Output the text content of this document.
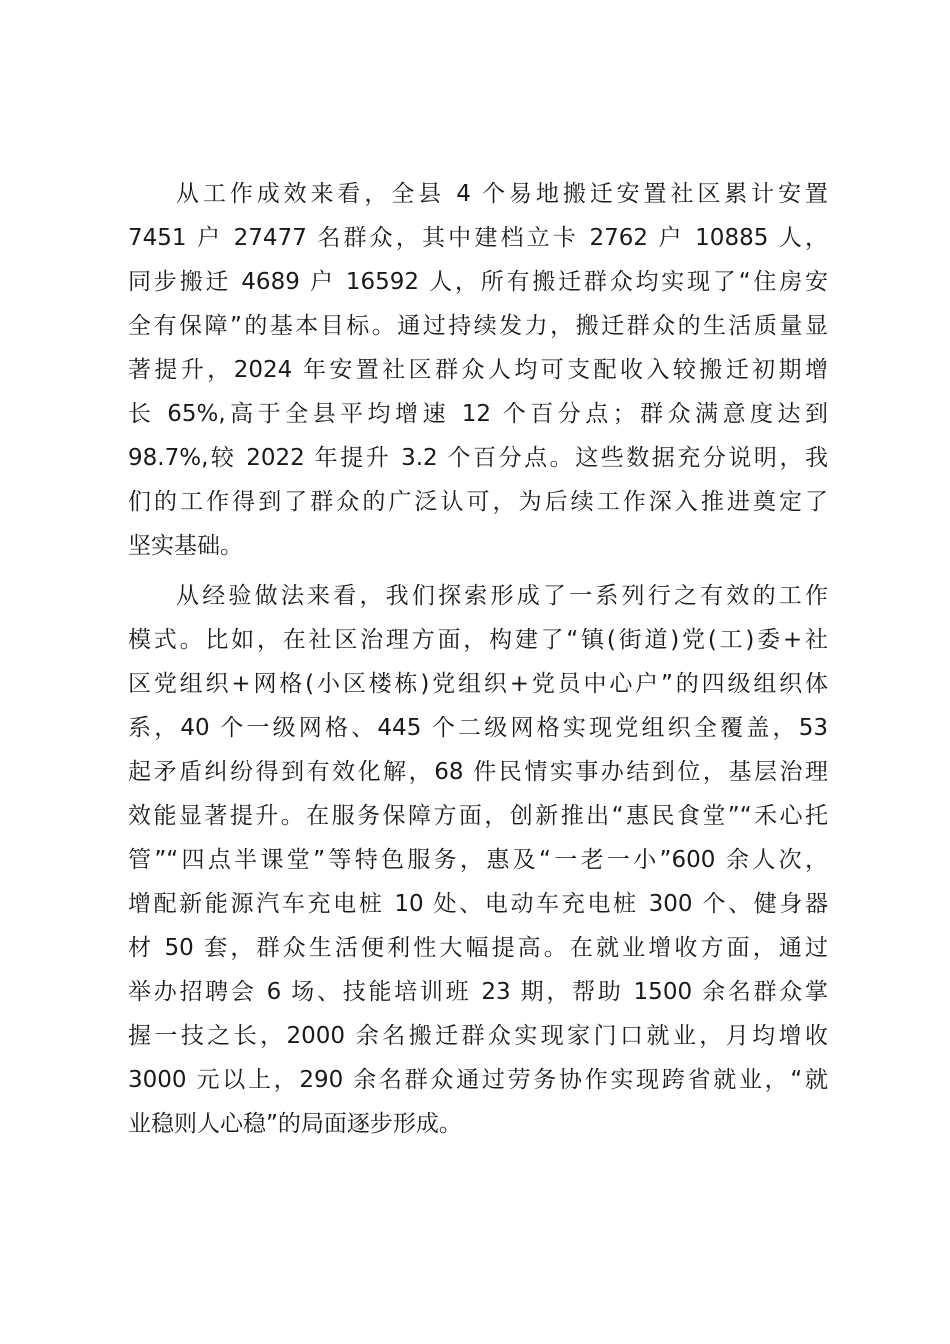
从工作成效来看，全县 4 个易地搬迁安置社区累计安置
7451 户 27477 名群众，其中建档立卡 2762 户 10885 人，
同步搬迁 4689 户 16592 人，所有搬迁群众均实现了“住房安
全有保障”的基本目标。通过持续发力，搬迁群众的生活质量显
著提升，2024 年安置社区群众人均可支配收入较搬迁初期增
长 65%,高于全县平均增速 12 个百分点；群众满意度达到
98.7%,较 2022 年提升 3.2 个百分点。这些数据充分说明，我
们的工作得到了群众的广泛认可，为后续工作深入推进奠定了
坚实基础。
从经验做法来看，我们探索形成了一系列行之有效的工作
模式。比如，在社区治理方面，构建了“镇(街道)党(工)委+社
区党组织+网格(小区楼栋)党组织+党员中心户”的四级组织体
系，40 个一级网格、445 个二级网格实现党组织全覆盖，53
起矛盾纠纷得到有效化解，68 件民情实事办结到位，基层治理
效能显著提升。在服务保障方面，创新推出“惠民食堂”“禾心托
管”“四点半课堂”等特色服务，惠及“一老一小”600 余人次，
增配新能源汽车充电桩 10 处、电动车充电桩 300 个、健身器
材 50 套，群众生活便利性大幅提高。在就业增收方面，通过
举办招聘会 6 场、技能培训班 23 期，帮助 1500 余名群众掌
握一技之长，2000 余名搬迁群众实现家门口就业，月均增收
3000 元以上，290 余名群众通过劳务协作实现跨省就业，“就
业稳则人心稳”的局面逐步形成。
